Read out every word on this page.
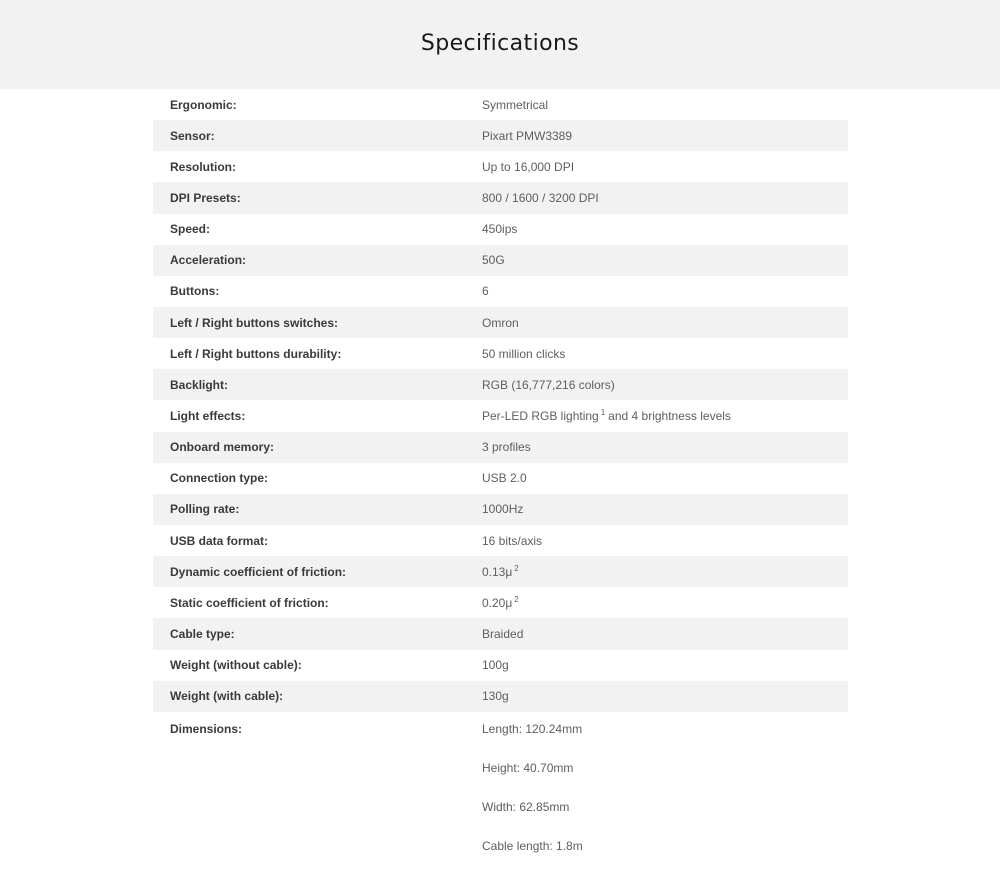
Specifications
Ergonomic:	Symmetrical
Sensor:	Pixart PMW3389
Resolution:	Up to 16,000 DPI
DPI Presets:	800 / 1600 / 3200 DPI
Speed:	450ips
Acceleration:	50G
Buttons:	6
Left / Right buttons switches:	Omron
Left / Right buttons durability:	50 million clicks
Backlight:	RGB (16,777,216 colors)
Light effects:	Per-LED RGB lighting $^1$ and 4 brightness levels
Onboard memory:	3 profiles
Connection type:	USB 2.0
Polling rate:	1000Hz
USB data format:	16 bits/axis
Dynamic coefficient of friction:	0.13μ $^2$
Static coefficient of friction:	0.20μ $^2$
Cable type:	Braided
Weight (without cable):	100g
Weight (with cable):	130g
Dimensions:	Length: 120.24mm
Height: 40.70mm
Width: 62.85mm
Cable length: 1.8m
